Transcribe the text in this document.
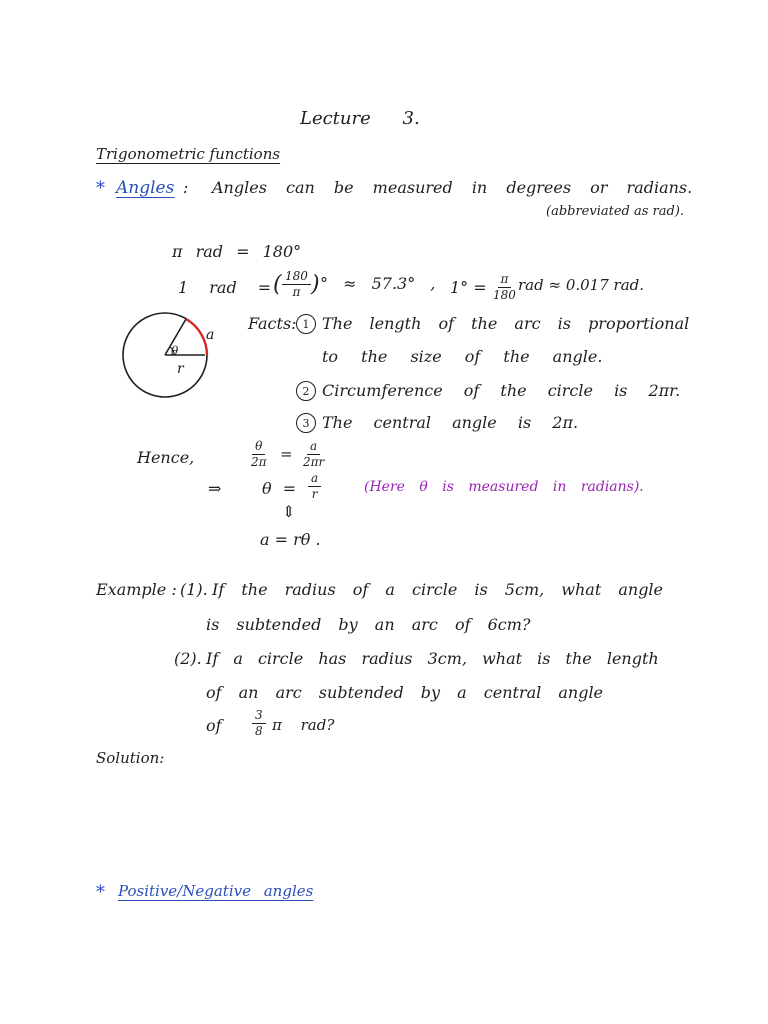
Lecture 3.
Trigonometric functions
* Angles : Angles can be measured in degrees or radians.
(abbreviated as rad).
π rad = 180°
1 rad = ( $\frac{180}{\pi}$ ) ° ≈ 57.3° , $1^\circ = \frac{\pi}{180}$ rad ≈ 0.017 rad.
a
θ
r
Facts: 1 The length of the arc is proportional
to the size of the angle.
2 Circumference of the circle is 2πr.
3 The central angle is 2π.
Hence,	$\frac{\theta}{2\pi} = \frac{a}{2\pi r}$
⇒	$\theta = \frac{a}{r}$	(Here θ is measured in radians).
⇕
a = rθ .
Example : (1). If the radius of a circle is 5cm, what angle
is subtended by an arc of 6cm?
(2). If a circle has radius 3cm, what is the length
of an arc subtended by a central angle
of	$\frac{3}{8}$ π rad?
Solution:
* Positive/Negative angles
